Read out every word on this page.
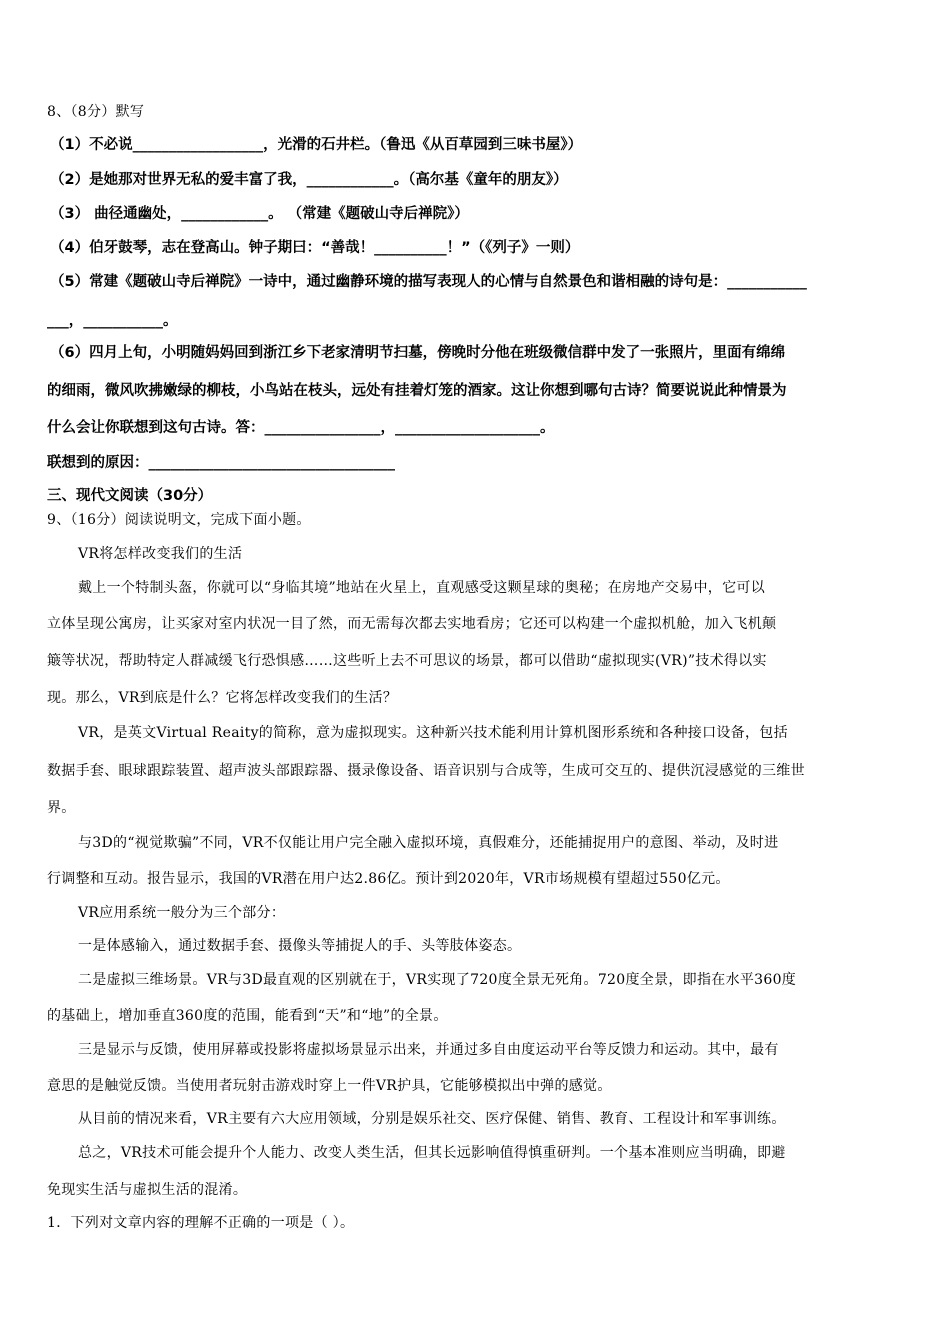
8、（8分）默写
（1）不必说__________________，光滑的石井栏。（鲁迅《从百草园到三味书屋》）
（2）是她那对世界无私的爱丰富了我，____________。（高尔基《童年的朋友》）
（3） 曲径通幽处，____________。 （常建《题破山寺后禅院》）
（4）伯牙鼓琴，志在登高山。钟子期曰：“善哉！__________！”（《列子》一则）
（5）常建《题破山寺后禅院》一诗中，通过幽静环境的描写表现人的心情与自然景色和谐相融的诗句是：___________
___，___________。
（6）四月上旬，小明随妈妈回到浙江乡下老家清明节扫墓，傍晚时分他在班级微信群中发了一张照片，里面有绵绵
的细雨，微风吹拂嫩绿的柳枝，小鸟站在枝头，远处有挂着灯笼的酒家。这让你想到哪句古诗？简要说说此种情景为
什么会让你联想到这句古诗。答：________________，____________________。
联想到的原因：__________________________________
三、现代文阅读（30分）
9、（16分）阅读说明文，完成下面小题。
VR将怎样改变我们的生活
戴上一个特制头盔，你就可以“身临其境”地站在火星上，直观感受这颗星球的奥秘；在房地产交易中，它可以
立体呈现公寓房，让买家对室内状况一目了然，而无需每次都去实地看房；它还可以构建一个虚拟机舱，加入飞机颠
簸等状况，帮助特定人群减缓飞行恐惧感……这些听上去不可思议的场景，都可以借助“虚拟现实(VR)”技术得以实
现。那么，VR到底是什么？它将怎样改变我们的生活？
VR，是英文Virtual Reaity的简称，意为虚拟现实。这种新兴技术能利用计算机图形系统和各种接口设备，包括
数据手套、眼球跟踪装置、超声波头部跟踪器、摄录像设备、语音识别与合成等，生成可交互的、提供沉浸感觉的三维世
界。
与3D的“视觉欺骗”不同，VR不仅能让用户完全融入虚拟环境，真假难分，还能捕捉用户的意图、举动，及时进
行调整和互动。报告显示，我国的VR潜在用户达2.86亿。预计到2020年，VR市场规模有望超过550亿元。
VR应用系统一般分为三个部分：
一是体感输入，通过数据手套、摄像头等捕捉人的手、头等肢体姿态。
二是虚拟三维场景。VR与3D最直观的区别就在于，VR实现了720度全景无死角。720度全景，即指在水平360度
的基础上，增加垂直360度的范围，能看到“天”和“地”的全景。
三是显示与反馈，使用屏幕或投影将虚拟场景显示出来，并通过多自由度运动平台等反馈力和运动。其中，最有
意思的是触觉反馈。当使用者玩射击游戏时穿上一件VR护具，它能够模拟出中弹的感觉。
从目前的情况来看，VR主要有六大应用领域，分别是娱乐社交、医疗保健、销售、教育、工程设计和军事训练。
总之，VR技术可能会提升个人能力、改变人类生活，但其长远影响值得慎重研判。一个基本准则应当明确，即避
免现实生活与虚拟生活的混淆。
1．下列对文章内容的理解不正确的一项是（ ）。
